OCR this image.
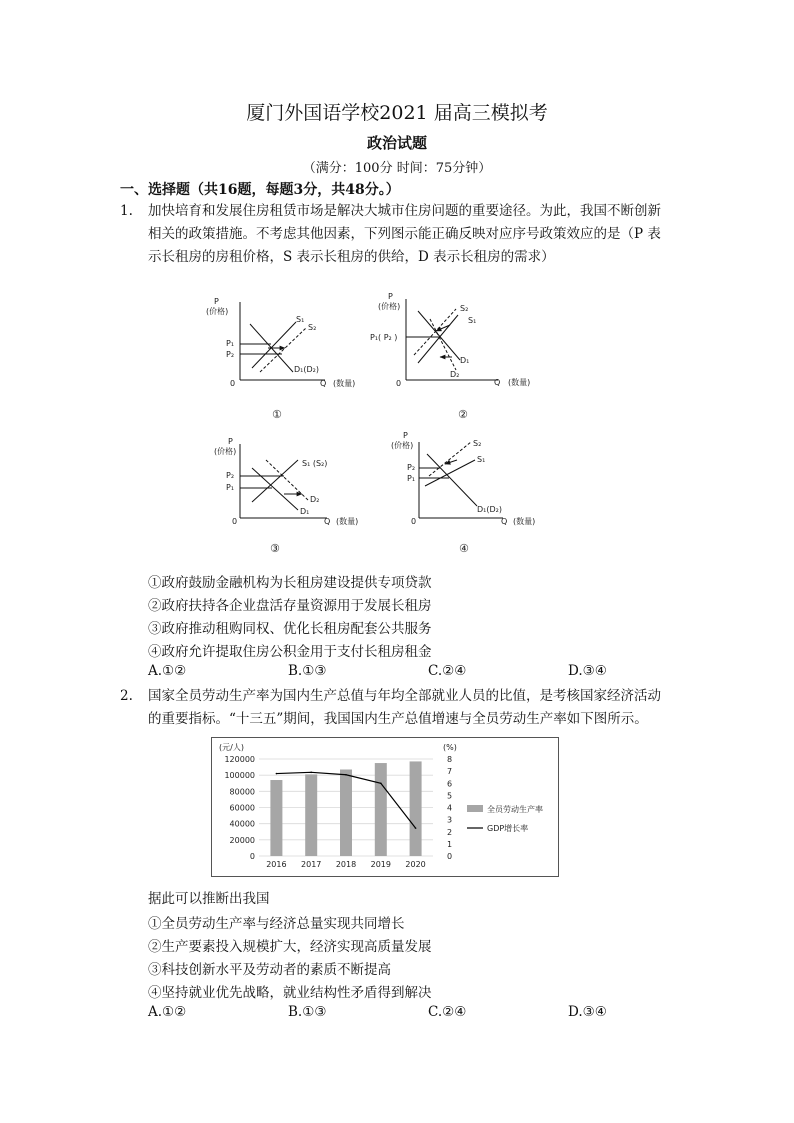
厦门外国语学校2021 届高三模拟考
政治试题
（满分：100分 时间：75分钟）
一、选择题（共16题，每题3分，共48分。）
1. 加快培育和发展住房租赁市场是解决大城市住房问题的重要途径。为此，我国不断创新
相关的政策措施。不考虑其他因素，下列图示能正确反映对应序号政策效应的是（P 表
示长租房的房租价格，S 表示长租房的供给，D 表示长租房的需求）
P
(价格)
0	Q (数量)
P₁
P₂
S₁
S₂
D₁(D₂)
①
P
(价格)
0	Q (数量)
P₁( P₂ )
S₂
S₁
D₁
D₂
②
P
(价格)
0	Q (数量)
P₂
P₁
S₁ (S₂)
D₂
D₁
③
P
(价格)
0	Q (数量)
P₂
P₁
S₂
S₁
D₁(D₂)
④
①政府鼓励金融机构为长租房建设提供专项贷款
②政府扶持各企业盘活存量资源用于发展长租房
③政府推动租购同权、优化长租房配套公共服务
④政府允许提取住房公积金用于支付长租房租金
A.①②	B.①③	C.②④	D.③④
2. 国家全员劳动生产率为国内生产总值与年均全部就业人员的比值，是考核国家经济活动
的重要指标。“十三五”期间，我国国内生产总值增速与全员劳动生产率如下图所示。
(元/人)	(%)
0
20000
40000
60000
80000
100000
120000
0
1
2
3
4
5
6
7
8
2016 2017 2018 2019 2020
全员劳动生产率
GDP增长率
据此可以推断出我国
①全员劳动生产率与经济总量实现共同增长
②生产要素投入规模扩大，经济实现高质量发展
③科技创新水平及劳动者的素质不断提高
④坚持就业优先战略，就业结构性矛盾得到解决
A.①②	B.①③	C.②④	D.③④
